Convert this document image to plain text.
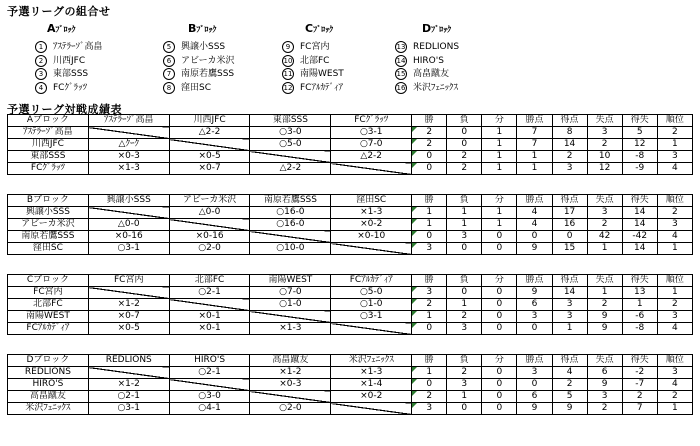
予選リーグの組合せ
Aﾌﾞﾛｯｸ	Bﾌﾞﾛｯｸ	Cﾌﾞﾛｯｸ	Dﾌﾞﾛｯｸ
1 ｱｽﾃﾗｰｿﾞ高畠
2 川西JFC
3 東部SSS
4 FCｸﾞﾗｯﾂ
5 興譲小SSS
6 アビーカ米沢
7 南原若鷹SSS
8 窪田SC
9 FC宮内
10 北部FC
11 南陽WEST
12 FCｱﾙｶﾃﾞｨｱ
13 REDLIONS
14 HIRO'S
15 高畠蹴友
16 米沢ﾌｪﾆｯｸｽ
予選リーグ対戦成績表
Aブロック	ｱｽﾃﾗｰｿﾞ高畠	川西JFC	東部SSS	FCｸﾞﾗｯﾂ	勝	負	分	勝点	得点	失点	得失	順位
ｱｽﾃﾗｰｿﾞ高畠		△2-2	○3-0	○3-1	2	0	1	7	8	3	5	2
川西JFC	△ｸｰｸ		○5-0	○7-0	2	0	1	7	14	2	12	1
東部SSS	×0-3	×0-5		△2-2	0	2	1	1	2	10	-8	3
FCｸﾞﾗｯﾂ	×1-3	×0-7	△2-2		0	2	1	1	3	12	-9	4
Bブロック	興譲小SSS	アビーカ米沢	南原若鷹SSS	窪田SC	勝	負	分	勝点	得点	失点	得失	順位
興譲小SSS		△0-0	○16-0	×1-3	1	1	1	4	17	3	14	2
アビーカ米沢	△0-0		○16-0	×0-2	1	1	1	4	16	2	14	3
南原若鷹SSS	×0-16	×0-16		×0-10	0	3	0	0	0	42	-42	4
窪田SC	○3-1	○2-0	○10-0		3	0	0	9	15	1	14	1
Cブロック	FC宮内	北部FC	南陽WEST	FCｱﾙｶﾃﾞｨｱ	勝	負	分	勝点	得点	失点	得失	順位
FC宮内		○2-1	○7-0	○5-0	3	0	0	9	14	1	13	1
北部FC	×1-2		○1-0	○1-0	2	1	0	6	3	2	1	2
南陽WEST	×0-7	×0-1		○3-1	1	2	0	3	3	9	-6	3
FCｱﾙｶﾃﾞｨｱ	×0-5	×0-1	×1-3		0	3	0	0	1	9	-8	4
Dブロック	REDLIONS	HIRO'S	高畠蹴友	米沢ﾌｪﾆｯｸｽ	勝	負	分	勝点	得点	失点	得失	順位
REDLIONS		○2-1	×1-2	×1-3	1	2	0	3	4	6	-2	3
HIRO'S	×1-2		×0-3	×1-4	0	3	0	0	2	9	-7	4
高畠蹴友	○2-1	○3-0		×0-2	2	1	0	6	5	3	2	2
米沢ﾌｪﾆｯｸｽ	○3-1	○4-1	○2-0		3	0	0	9	9	2	7	1
